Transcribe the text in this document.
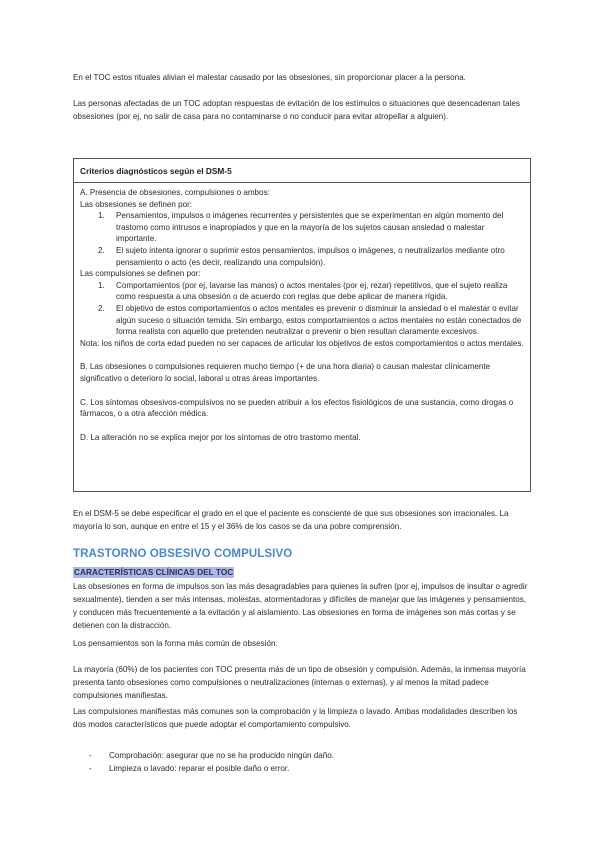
En el TOC estos rituales alivian el malestar causado por las obsesiones, sin proporcionar placer a la persona.

Las personas afectadas de un TOC adoptan respuestas de evitación de los estímulos o situaciones que desencadenan tales obsesiones (por ej, no salir de casa para no contaminarse o no conducir para evitar atropellar a alguien).

Criterios diagnósticos según el DSM-5

A. Presencia de obsesiones, compulsiones o ambos:

Las obsesiones se definen por:

1. Pensamientos, impulsos o imágenes recurrentes y persistentes que se experimentan en algún momento del trastorno como intrusos e inapropiados y que en la mayoría de los sujetos causan ansiedad o malestar importante.
2. El sujeto intenta ignorar o suprimir estos pensamientos, impulsos o imágenes, o neutralizarlos mediante otro pensamiento o acto (es decir, realizando una compulsión).

Las compulsiones se definen por:

1. Comportamientos (por ej, lavarse las manos) o actos mentales (por ej, rezar) repetitivos, que el sujeto realiza como respuesta a una obsesión o de acuerdo con reglas que debe aplicar de manera rígida.
2. El objetivo de estos comportamientos o actos mentales es prevenir o disminuir la ansiedad o el malestar o evitar algún suceso o situación temida. Sin embargo, estos comportamientos o actos mentales no están conectados de forma realista con aquello que pretenden neutralizar o prevenir o bien resultan claramente excesivos.

Nota: los niños de corta edad pueden no ser capaces de articular los objetivos de estos comportamientos o actos mentales.

B. Las obsesiones o compulsiones requieren mucho tiempo (+ de una hora diaria) o causan malestar clínicamente significativo o deterioro lo social, laboral u otras áreas importantes.

C. Los síntomas obsesivos-compulsivos no se pueden atribuir a los efectos fisiológicos de una sustancia, como drogas o fármacos, o a otra afección médica.

D. La alteración no se explica mejor por los síntomas de otro trastorno mental.

En el DSM-5 se debe especificar el grado en el que el paciente es consciente de que sus obsesiones son irracionales. La mayoría lo son, aunque en entre el 15 y el 36% de los casos se da una pobre comprensión.

TRASTORNO OBSESIVO COMPULSIVO
CARACTERÍSTICAS CLÍNICAS DEL TOC

Las obsesiones en forma de impulsos son las más desagradables para quienes la sufren (por ej, impulsos de insultar o agredir sexualmente), tienden a ser más intensas, molestas, atormentadoras y difíciles de manejar que las imágenes y pensamientos, y conducen más frecuentemente a la evitación y al aislamiento. Las obsesiones en forma de imágenes son más cortas y se detienen con la distracción.

Los pensamientos son la forma más común de obsesión.

La mayoría (60%) de los pacientes con TOC presenta más de un tipo de obsesión y compulsión. Además, la inmensa mayoría presenta tanto obsesiones como compulsiones o neutralizaciones (internas o externas), y al menos la mitad padece compulsiones manifiestas.

Las compulsiones manifiestas más comunes son la comprobación y la limpieza o lavado. Ambas modalidades describen los dos modos característicos que puede adoptar el comportamiento compulsivo.

- Comprobación: asegurar que no se ha producido ningún daño.
- Limpieza o lavado: reparar el posible daño o error.
